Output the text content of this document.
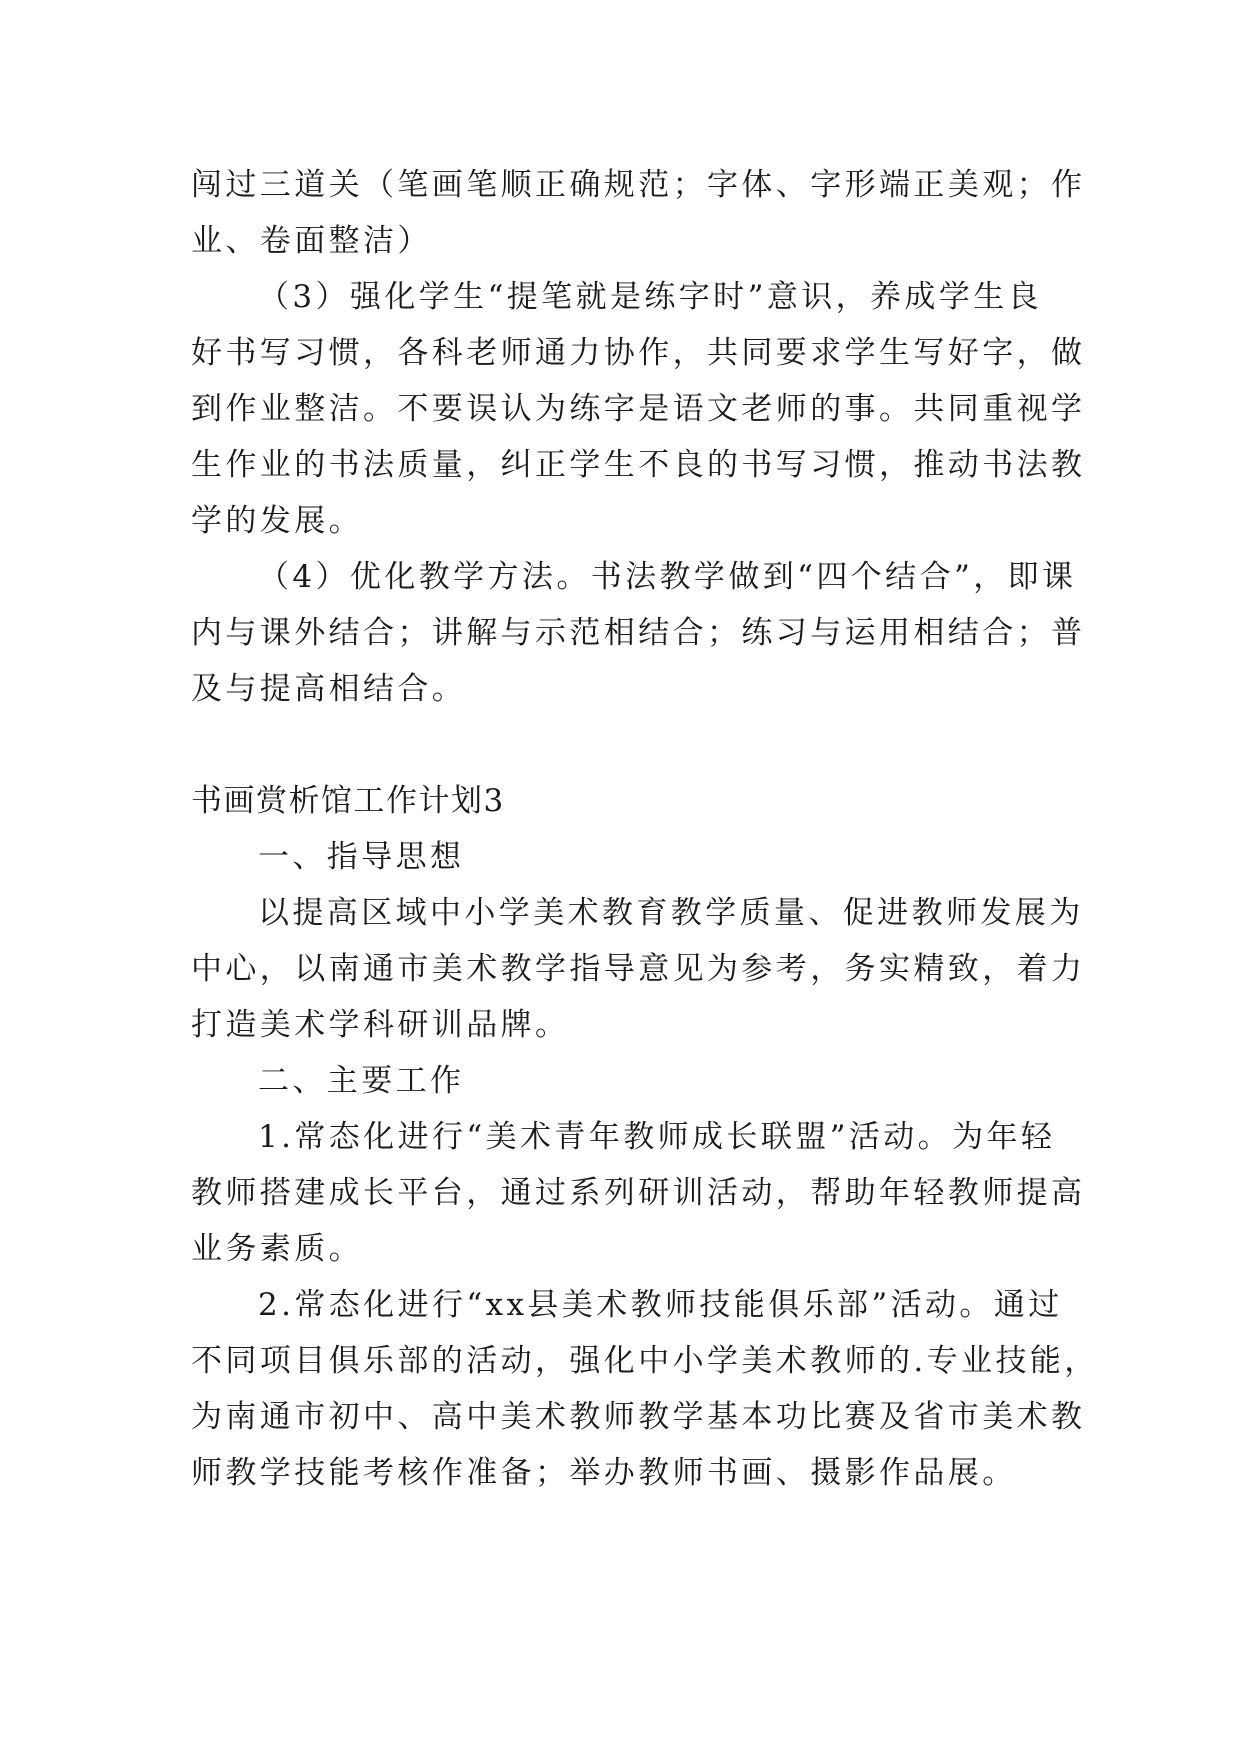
闯过三道关（笔画笔顺正确规范；字体、字形端正美观；作
业、卷面整洁）
（3）强化学生“提笔就是练字时”意识，养成学生良
好书写习惯，各科老师通力协作，共同要求学生写好字，做
到作业整洁。不要误认为练字是语文老师的事。共同重视学
生作业的书法质量，纠正学生不良的书写习惯，推动书法教
学的发展。
（4）优化教学方法。书法教学做到“四个结合”，即课
内与课外结合；讲解与示范相结合；练习与运用相结合；普
及与提高相结合。
书画赏析馆工作计划3
一、指导思想
以提高区域中小学美术教育教学质量、促进教师发展为
中心，以南通市美术教学指导意见为参考，务实精致，着力
打造美术学科研训品牌。
二、主要工作
1.常态化进行“美术青年教师成长联盟”活动。为年轻
教师搭建成长平台，通过系列研训活动，帮助年轻教师提高
业务素质。
2.常态化进行“xx县美术教师技能俱乐部”活动。通过
不同项目俱乐部的活动，强化中小学美术教师的.专业技能，
为南通市初中、高中美术教师教学基本功比赛及省市美术教
师教学技能考核作准备；举办教师书画、摄影作品展。
